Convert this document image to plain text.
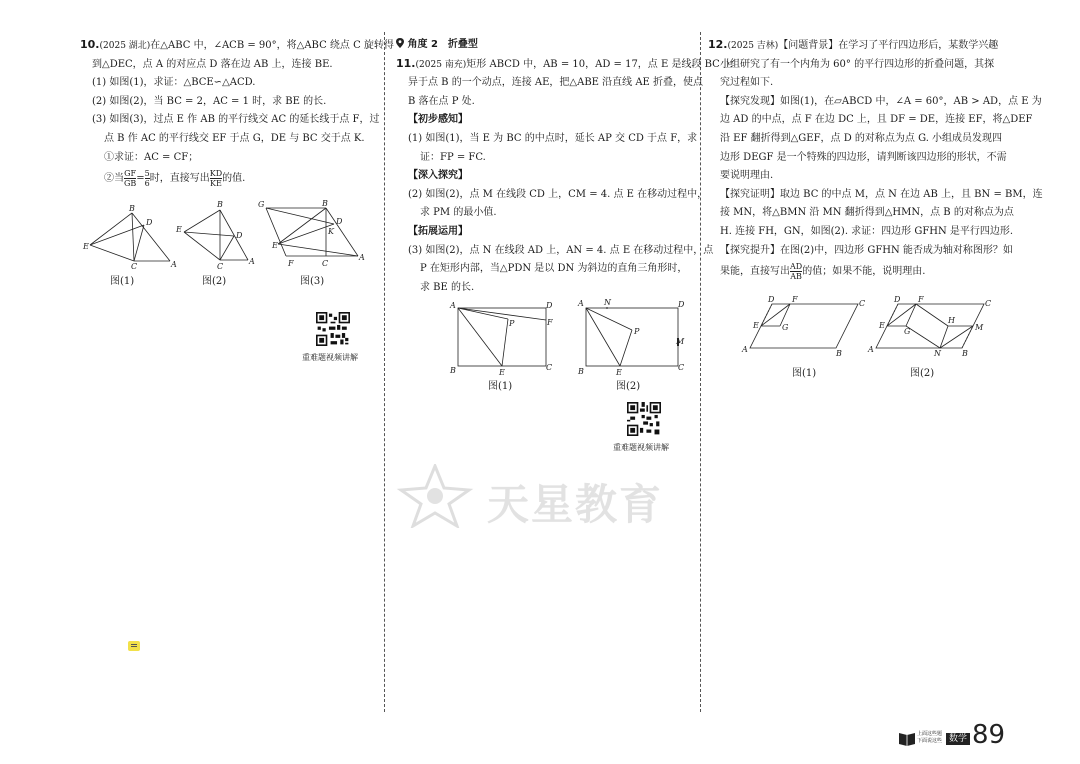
10.(2025 湖北)在△ABC 中，∠ACB = 90°，将△ABC 绕点 C 旋转得

到△DEC，点 A 的对应点 D 落在边 AB 上，连接 BE.

(1) 如图(1)，求证：△BCE∽△ACD.

(2) 如图(2)，当 BC = 2，AC = 1 时，求 BE 的长.

(3) 如图(3)，过点 E 作 AB 的平行线交 AC 的延长线于点 F，过

点 B 作 AC 的平行线交 EF 于点 G，DE 与 BC 交于点 K.

①求证：AC = CF；

②当 $\frac{GF}{GB} = \frac{5}{6}$ 时，直接写出 $\frac{KD}{KE}$ 的值.

B
D
E
C	A
图(1)
B
E
D
C
A
图(2)
G	B
K
D
E
F	C
A
图(3)
重难题视频讲解

角度 2　折叠型

11.(2025 南充)矩形 ABCD 中，AB = 10，AD = 17，点 E 是线段 BC 上

异于点 B 的一个动点，连接 AE，把△ABE 沿直线 AE 折叠，使点

B 落在点 P 处.

【初步感知】

(1) 如图(1)，当 E 为 BC 的中点时，延长 AP 交 CD 于点 F，求

证：FP = FC.

【深入探究】

(2) 如图(2)，点 M 在线段 CD 上，CM = 4. 点 E 在移动过程中，

求 PM 的最小值.

【拓展运用】

(3) 如图(2)，点 N 在线段 AD 上，AN = 4. 点 E 在移动过程中，点

P 在矩形内部，当△PDN 是以 DN 为斜边的直角三角形时，

求 BE 的长.

A	D
P	F
B	E
C
图(1)
A	N	D
P
M
B	E
C
图(2)
重难题视频讲解
天星教育

12.(2025 吉林)【问题背景】在学习了平行四边形后，某数学兴趣

小组研究了有一个内角为 60° 的平行四边形的折叠问题，其探

究过程如下.

【探究发现】如图(1)，在▱ABCD 中，∠A = 60°，AB > AD，点 E 为

边 AD 的中点，点 F 在边 DC 上，且 DF = DE，连接 EF，将△DEF

沿 EF 翻折得到△GEF，点 D 的对称点为点 G. 小组成员发现四

边形 DEGF 是一个特殊的四边形，请判断该四边形的形状，不需

要说明理由.

【探究证明】取边 BC 的中点 M，点 N 在边 AB 上，且 BN = BM，连

接 MN，将△BMN 沿 MN 翻折得到△HMN，点 B 的对称点为点

H. 连接 FH，GN，如图(2). 求证：四边形 GFHN 是平行四边形.

【探究提升】在图(2)中，四边形 GFHN 能否成为轴对称图形？如

果能，直接写出 $\frac{AD}{AB}$ 的值；如果不能，说明理由.

D F	C
E	G
A	B
图(1)
D F	C
E
G
H
M
A	N	B
图(2)
上面这些题
下面说这些 数学 89
